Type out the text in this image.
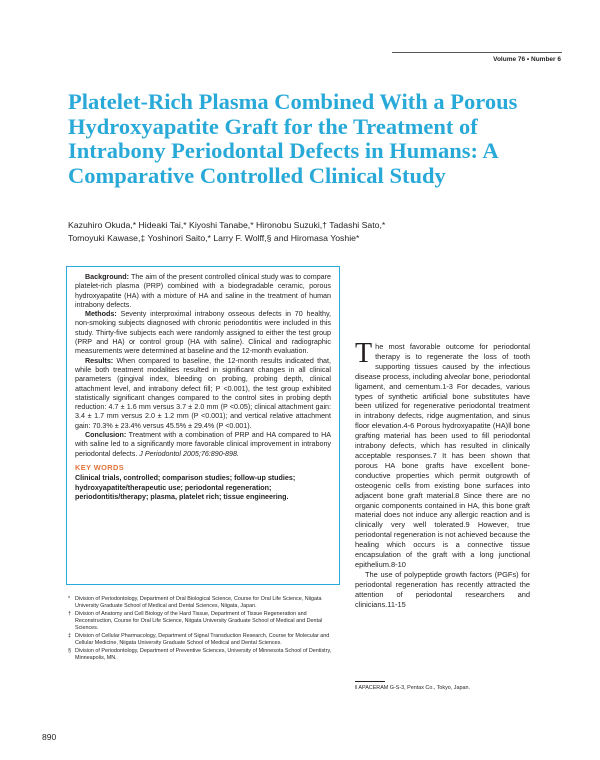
Volume 76 • Number 6
Platelet-Rich Plasma Combined With a Porous Hydroxyapatite Graft for the Treatment of Intrabony Periodontal Defects in Humans: A Comparative Controlled Clinical Study
Kazuhiro Okuda,* Hideaki Tai,* Kiyoshi Tanabe,* Hironobu Suzuki,† Tadashi Sato,*
Tomoyuki Kawase,‡ Yoshinori Saito,* Larry F. Wolff,§ and Hiromasa Yoshie*

Background: The aim of the present controlled clinical study was to compare platelet-rich plasma (PRP) combined with a biodegradable ceramic, porous hydroxyapatite (HA) with a mixture of HA and saline in the treatment of human intrabony defects.

Methods: Seventy interproximal intrabony osseous defects in 70 healthy, non-smoking subjects diagnosed with chronic periodontitis were included in this study. Thirty-five subjects each were randomly assigned to either the test group (PRP and HA) or control group (HA with saline). Clinical and radiographic measurements were determined at baseline and the 12-month evaluation.

Results: When compared to baseline, the 12-month results indicated that, while both treatment modalities resulted in significant changes in all clinical parameters (gingival index, bleeding on probing, probing depth, clinical attachment level, and intrabony defect fill; P <0.001), the test group exhibited statistically significant changes compared to the control sites in probing depth reduction: 4.7 ± 1.6 mm versus 3.7 ± 2.0 mm (P <0.05); clinical attachment gain: 3.4 ± 1.7 mm versus 2.0 ± 1.2 mm (P <0.001); and vertical relative attachment gain: 70.3% ± 23.4% versus 45.5% ± 29.4% (P <0.001).

Conclusion: Treatment with a combination of PRP and HA compared to HA with saline led to a significantly more favorable clinical improvement in intrabony periodontal defects. J Periodontol 2005;76:890-898.

KEY WORDS

Clinical trials, controlled; comparison studies; follow-up studies; hydroxyapatite/therapeutic use; periodontal regeneration; periodontitis/therapy; plasma, platelet rich; tissue engineering.

* Division of Periodontology, Department of Oral Biological Science, Course for Oral Life Science, Niigata University Graduate School of Medical and Dental Sciences, Niigata, Japan.
† Division of Anatomy and Cell Biology of the Hard Tissue, Department of Tissue Regeneration and Reconstruction, Course for Oral Life Science, Niigata University Graduate School of Medical and Dental Sciences.
‡ Division of Cellular Pharmacology, Department of Signal Transduction Research, Course for Molecular and Cellular Medicine, Niigata University Graduate School of Medical and Dental Sciences.
§ Division of Periodontology, Department of Preventive Sciences, University of Minnesota School of Dentistry, Minneapolis, MN.

The most favorable outcome for periodontal therapy is to regenerate the loss of tooth supporting tissues caused by the infectious disease process, including alveolar bone, periodontal ligament, and cementum.1-3 For decades, various types of synthetic artificial bone substitutes have been utilized for regenerative periodontal treatment in intrabony defects, ridge augmentation, and sinus floor elevation.4-6 Porous hydroxyapatite (HA)‖ bone grafting material has been used to fill periodontal intrabony defects, which has resulted in clinically acceptable responses.7 It has been shown that porous HA bone grafts have excellent bone-conductive properties which permit outgrowth of osteogenic cells from existing bone surfaces into adjacent bone graft material.8 Since there are no organic components contained in HA, this bone graft material does not induce any allergic reaction and is clinically very well tolerated.9 However, true periodontal regeneration is not achieved because the healing which occurs is a connective tissue encapsulation of the graft with a long junctional epithelium.8-10

The use of polypeptide growth factors (PGFs) for periodontal regeneration has recently attracted the attention of periodontal researchers and clinicians.11-15

‖ APACERAM G-S-3, Pentax Co., Tokyo, Japan.
890
